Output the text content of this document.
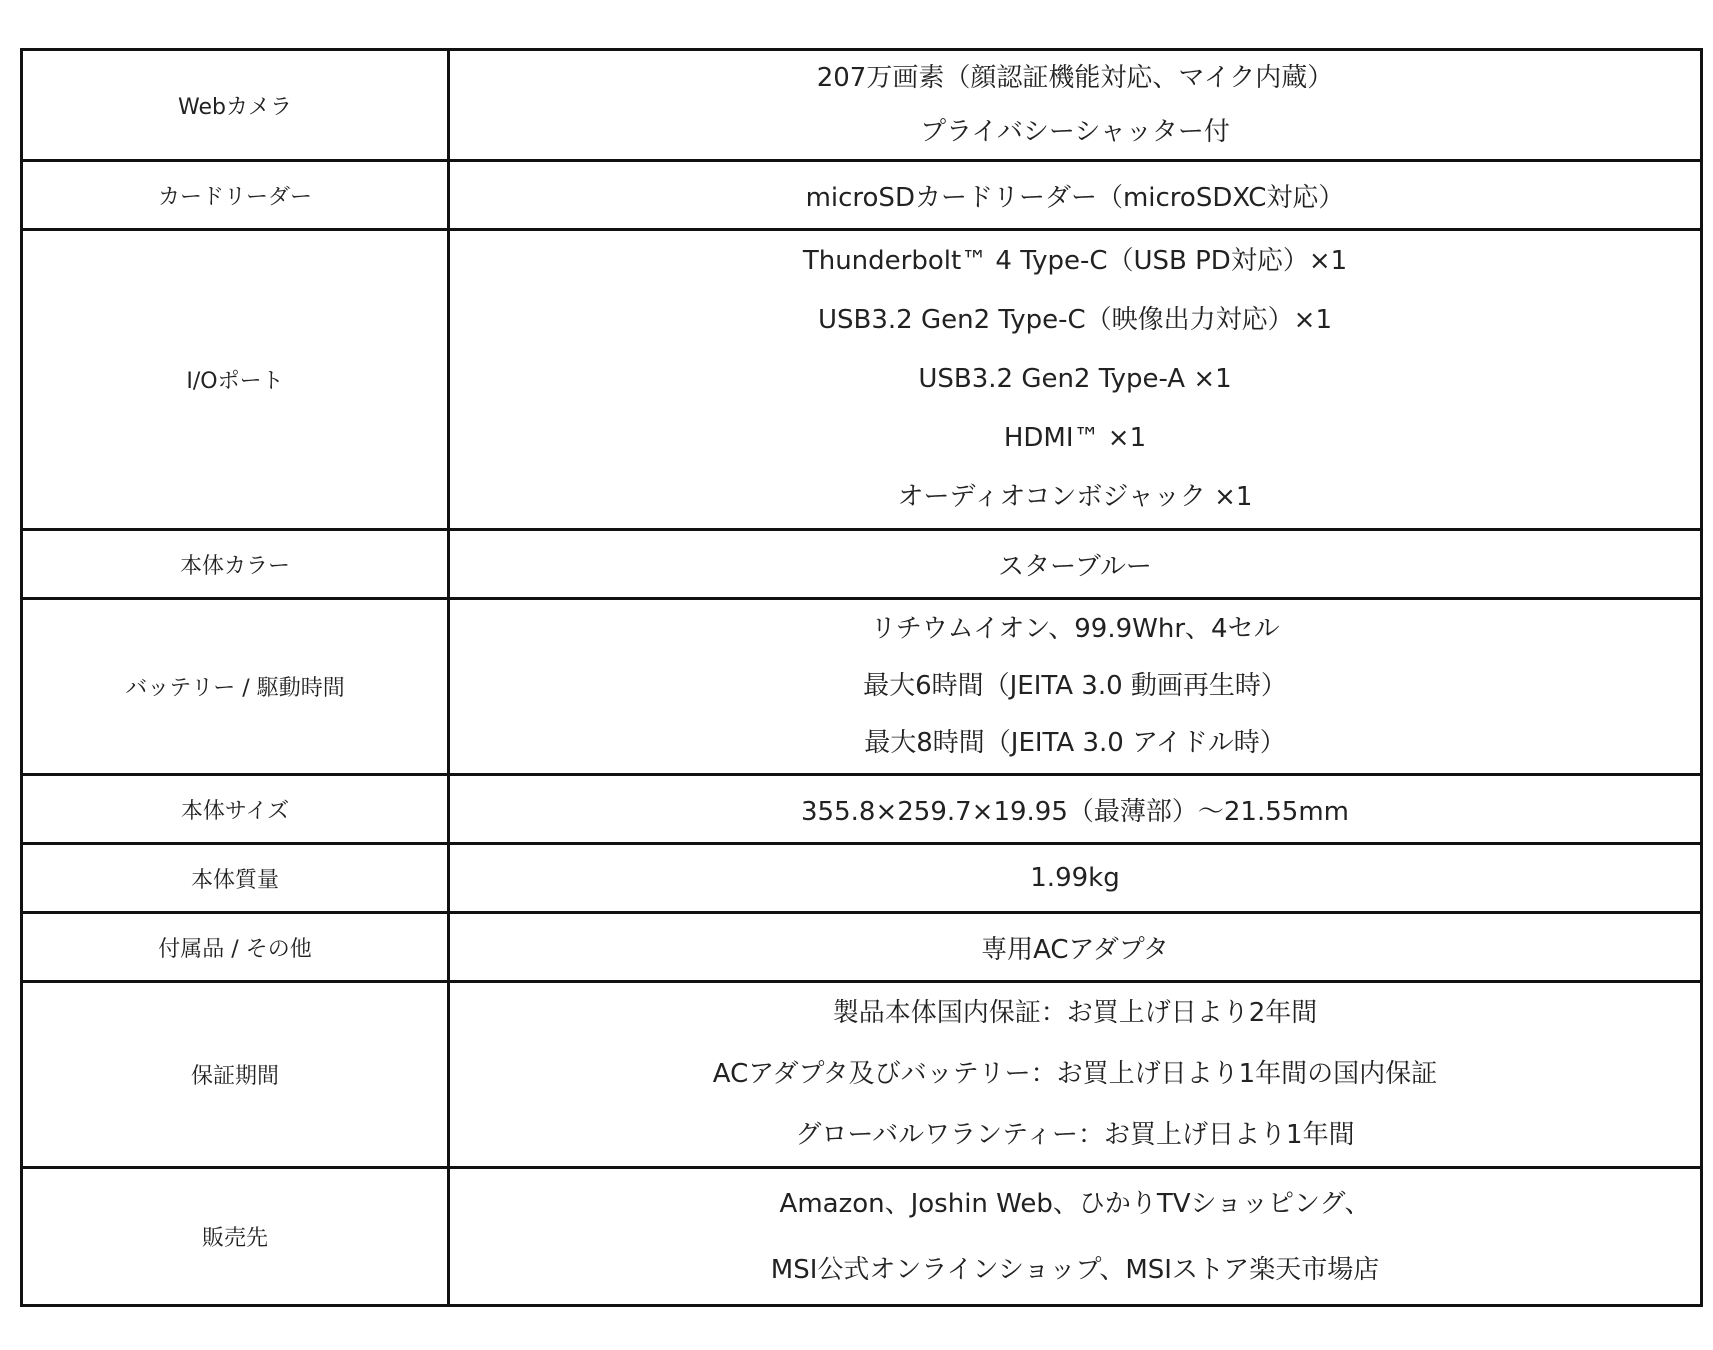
Webカメラ	207万画素（顔認証機能対応、マイク内蔵）
プライバシーシャッター付

カードリーダー	microSDカードリーダー（microSDXC対応）

I/Oポート	Thunderbolt™ 4 Type-C（USB PD対応）×1
USB3.2 Gen2 Type-C（映像出力対応）×1
USB3.2 Gen2 Type-A ×1
HDMI™ ×1
オーディオコンボジャック ×1

本体カラー	スターブルー

バッテリー / 駆動時間	リチウムイオン、99.9Whr、4セル
最大6時間（JEITA 3.0 動画再生時）
最大8時間（JEITA 3.0 アイドル時）

本体サイズ	355.8×259.7×19.95（最薄部）～21.55mm

本体質量	1.99kg

付属品 / その他	専用ACアダプタ

保証期間	製品本体国内保証：お買上げ日より2年間
ACアダプタ及びバッテリー：お買上げ日より1年間の国内保証
グローバルワランティー：お買上げ日より1年間

販売先	Amazon、Joshin Web、ひかりTVショッピング、
MSI公式オンラインショップ、MSIストア楽天市場店
